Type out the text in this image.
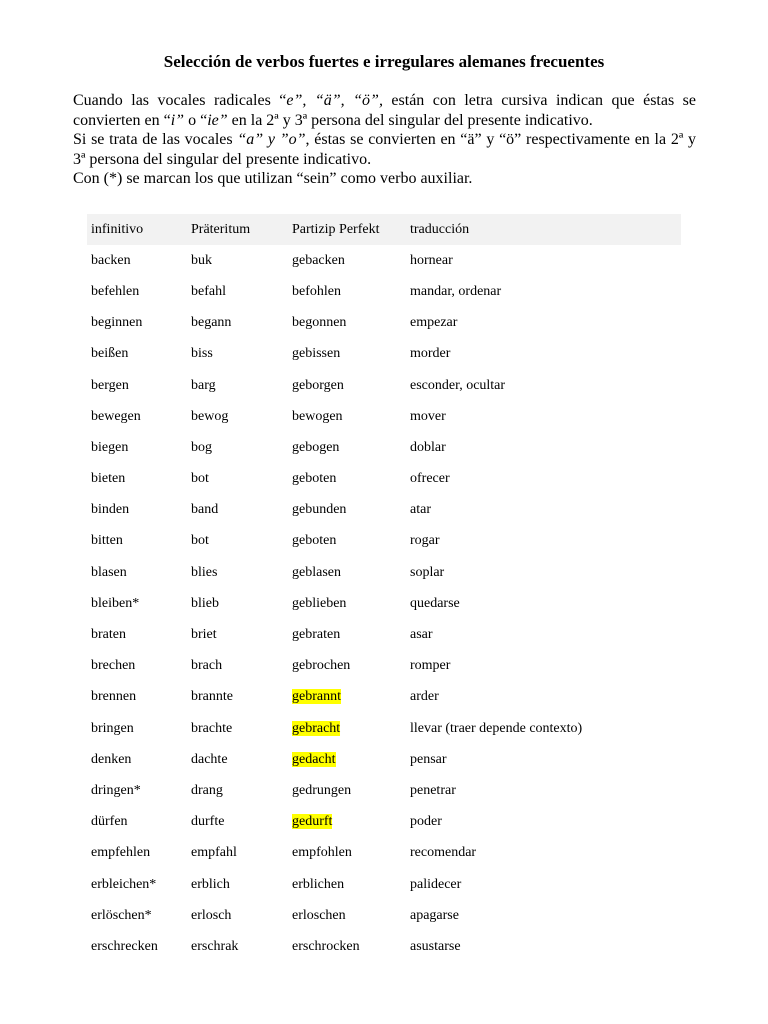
Selección de verbos fuertes e irregulares alemanes frecuentes

Cuando las vocales radicales “e”, “ä”, “ö”, están con letra cursiva indican que éstas se convierten en “i” o “ie” en la 2ª y 3ª persona del singular del presente indicativo.

Si se trata de las vocales “a” y ”o”, éstas se convierten en “ä” y “ö” respectivamente en la 2ª y 3ª persona del singular del presente indicativo.

Con (*) se marcan los que utilizan “sein” como verbo auxiliar.

infinitivo	Präteritum	Partizip Perfekt	traducción
backen	buk	gebacken	hornear
befehlen	befahl	befohlen	mandar, ordenar
beginnen	begann	begonnen	empezar
beißen	biss	gebissen	morder
bergen	barg	geborgen	esconder, ocultar
bewegen	bewog	bewogen	mover
biegen	bog	gebogen	doblar
bieten	bot	geboten	ofrecer
binden	band	gebunden	atar
bitten	bot	geboten	rogar
blasen	blies	geblasen	soplar
bleiben*	blieb	geblieben	quedarse
braten	briet	gebraten	asar
brechen	brach	gebrochen	romper
brennen	brannte	gebrannt	arder
bringen	brachte	gebracht	llevar (traer depende contexto)
denken	dachte	gedacht	pensar
dringen*	drang	gedrungen	penetrar
dürfen	durfte	gedurft	poder
empfehlen	empfahl	empfohlen	recomendar
erbleichen*	erblich	erblichen	palidecer
erlöschen*	erlosch	erloschen	apagarse
erschrecken	erschrak	erschrocken	asustarse
